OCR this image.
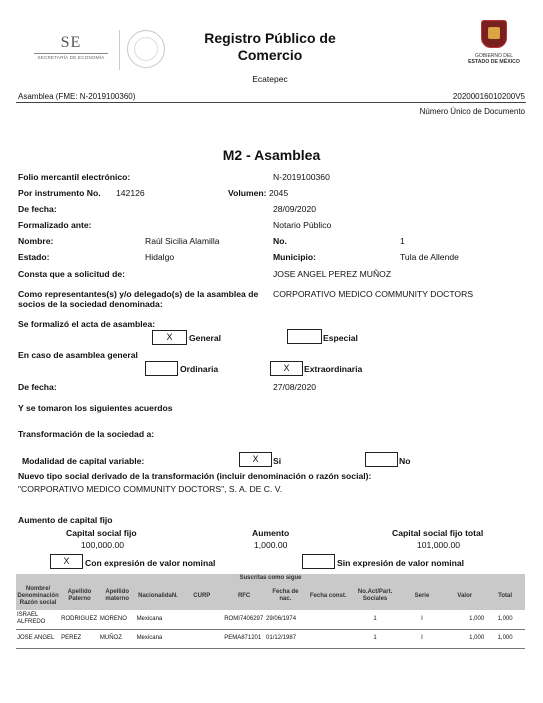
SE
SECRETARÍA DE ECONOMÍA
Registro Público de
Comercio
Ecatepec
GOBIERNO DEL
ESTADO DE MÉXICO
Asamblea (FME: N-2019100360)	20200016010200V5
Número Único de Documento
M2 - Asamblea
Folio mercantil electrónico:	N-2019100360
Por instrumento No. 142126	Volumen: 2045
De fecha:	28/09/2020
Formalizado ante:	Notario Público
Nombre:	Raúl Sicilia Alamilla	No.	1
Estado:	Hidalgo	Municipio:	Tula de Allende
Consta que a solicitud de:	JOSE ANGEL PEREZ MUÑOZ
Como representantes(s) y/o delegado(s) de la asamblea de
socios de la sociedad denominada:
CORPORATIVO MEDICO COMMUNITY DOCTORS
Se formalizó el acta de asamblea:
X	General	Especial
En caso de asamblea general
Ordinaria	X	Extraordinaria
De fecha:	27/08/2020
Y se tomaron los siguientes acuerdos
Transformación de la sociedad a:
Modalidad de capital variable:	X	Si	No
Nuevo tipo social derivado de la transformación (incluir denominación o razón social):
"CORPORATIVO MEDICO COMMUNITY DOCTORS", S. A. DE C. V.
Aumento de capital fijo
Capital social fijo
100,000.00
Aumento
1,000.00
Capital social fijo total
101,000.00
X	Con expresión de valor nominal	Sin expresión de valor nominal
Suscritas como sigue											
Nombre/ Denominación Razón social	Apellido Paterno	Apellido materno	NacionalidaN.	CURP	RFC	Fecha de nac.	Fecha const.	No.Act/Part. Sociales	Serie	Valor	Total
ISRAEL ALFREDO	RODRIGUEZ	MORENO	Mexicana		ROMI7406297	29/06/1974		1	I	1,000	1,000
JOSE ANGEL	PEREZ	MUÑOZ	Mexicana		PEMA871201	01/12/1987		1	I	1,000	1,000
